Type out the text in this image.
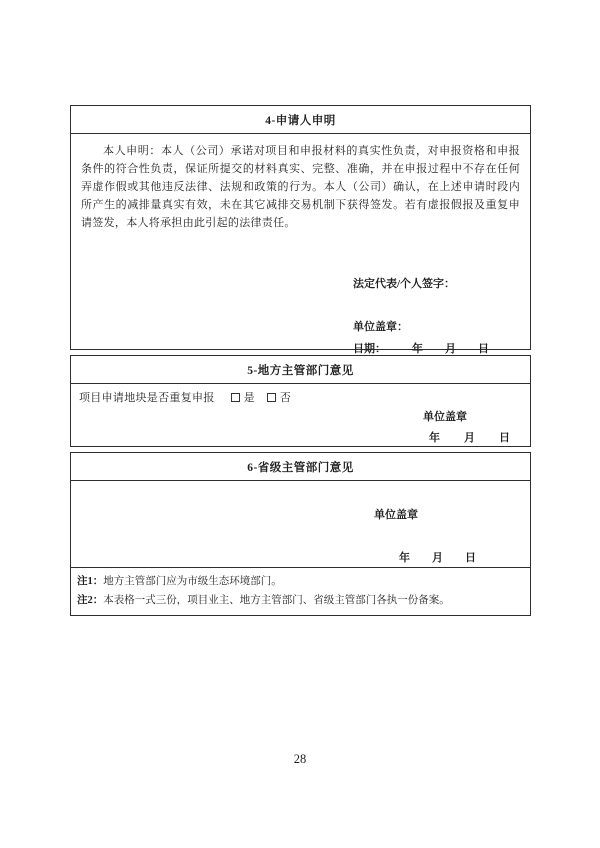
4-申请人申明

本人申明：本人（公司）承诺对项目和申报材料的真实性负责，对申报资格和申报条件的符合性负责，保证所提交的材料真实、完整、准确，并在申报过程中不存在任何弄虚作假或其他违反法律、法规和政策的行为。本人（公司）确认，在上述申请时段内所产生的减排量真实有效，未在其它减排交易机制下获得签发。若有虚报假报及重复申请签发，本人将承担由此引起的法律责任。

法定代表/个人签字：
单位盖章：
日期： 年 月 日
5-地方主管部门意见
项目申请地块是否重复申报	是 否
单位盖章
年 月 日
6-省级主管部门意见
单位盖章
年 月 日
注1：地方主管部门应为市级生态环境部门。
注2：本表格一式三份，项目业主、地方主管部门、省级主管部门各执一份备案。
28
